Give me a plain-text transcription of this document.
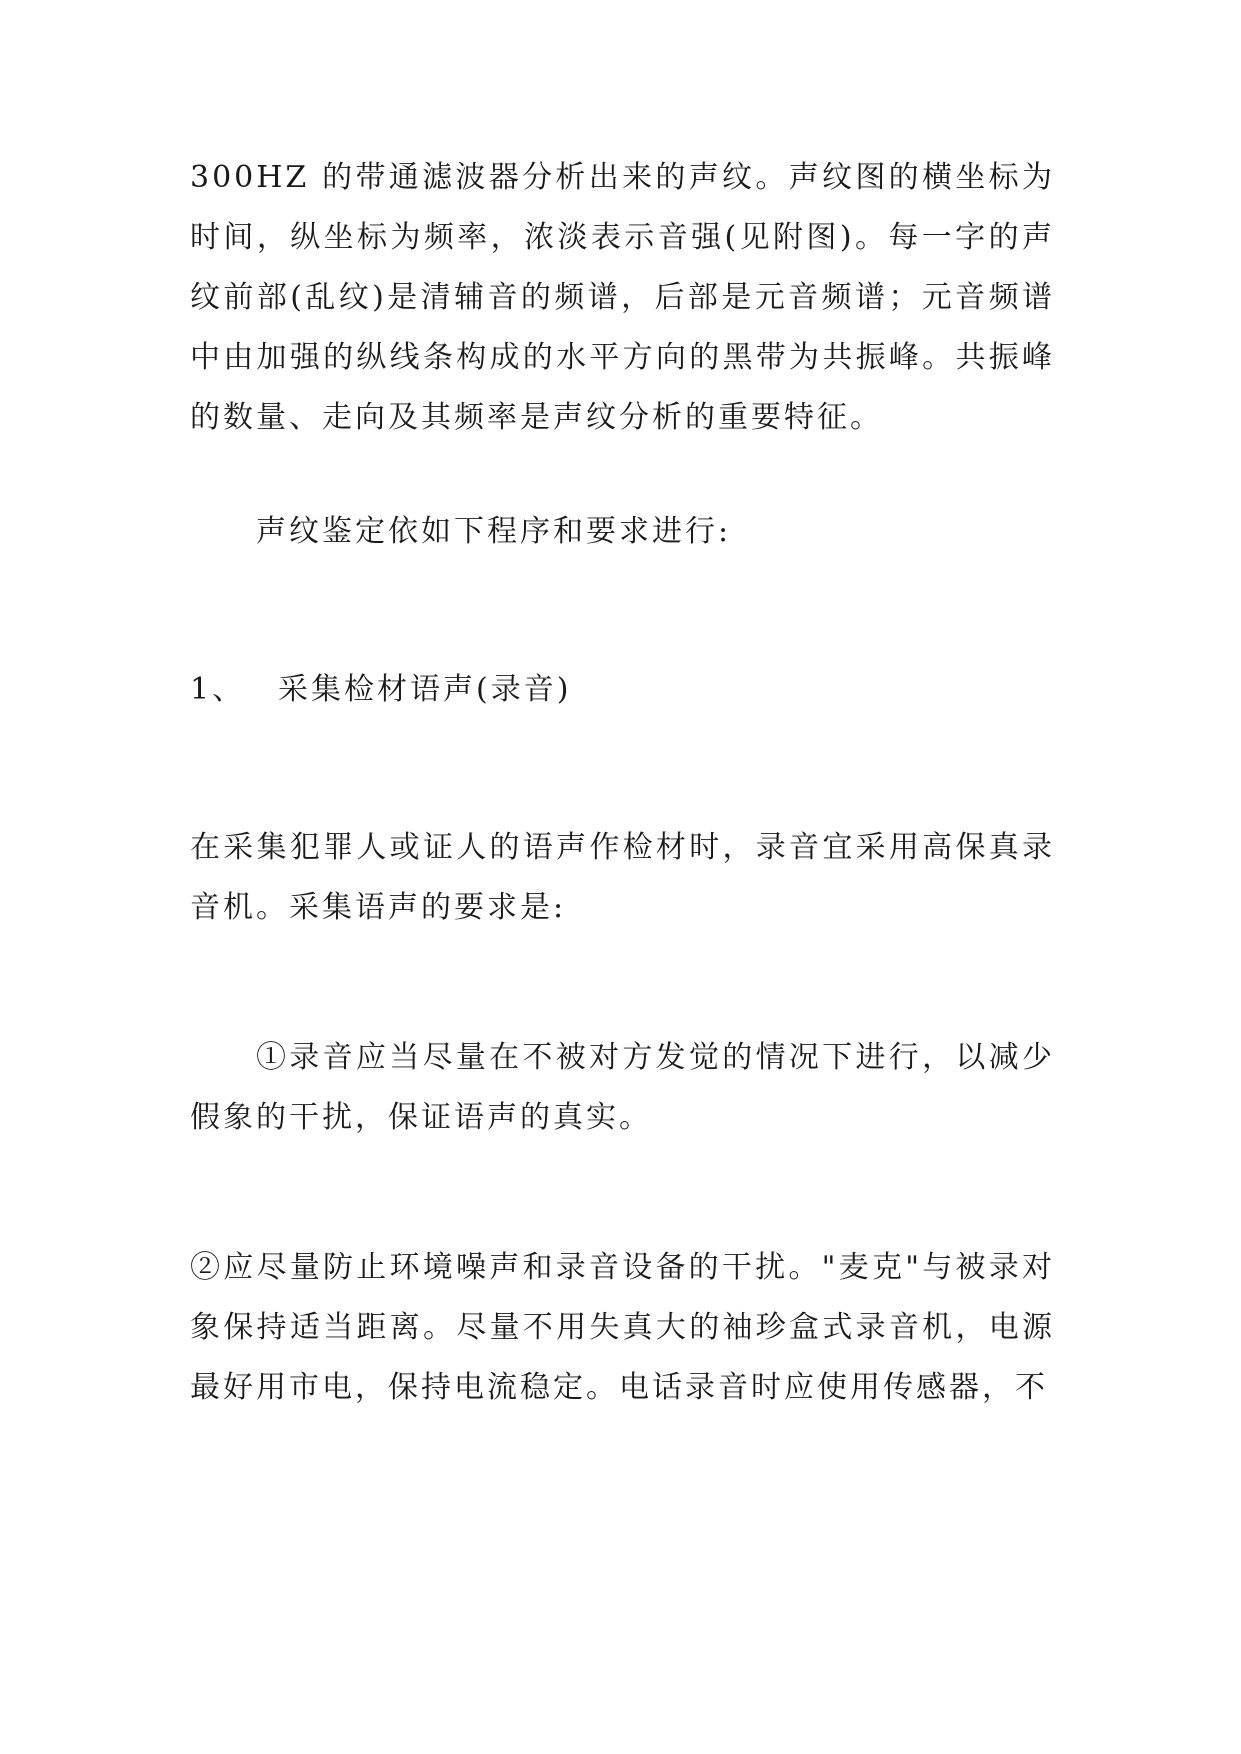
300HZ 的带通滤波器分析出来的声纹。声纹图的横坐标为时间，纵坐标为频率，浓淡表示音强(见附图)。每一字的声纹前部(乱纹)是清辅音的频谱，后部是元音频谱；元音频谱中由加强的纵线条构成的水平方向的黑带为共振峰。共振峰的数量、走向及其频率是声纹分析的重要特征。

声纹鉴定依如下程序和要求进行:

1、 采集检材语声(录音)

在采集犯罪人或证人的语声作检材时，录音宜采用高保真录音机。采集语声的要求是:

①录音应当尽量在不被对方发觉的情况下进行，以减少假象的干扰，保证语声的真实。

②应尽量防止环境噪声和录音设备的干扰。"麦克"与被录对象保持适当距离。尽量不用失真大的袖珍盒式录音机，电源最好用市电，保持电流稳定。电话录音时应使用传感器，不
